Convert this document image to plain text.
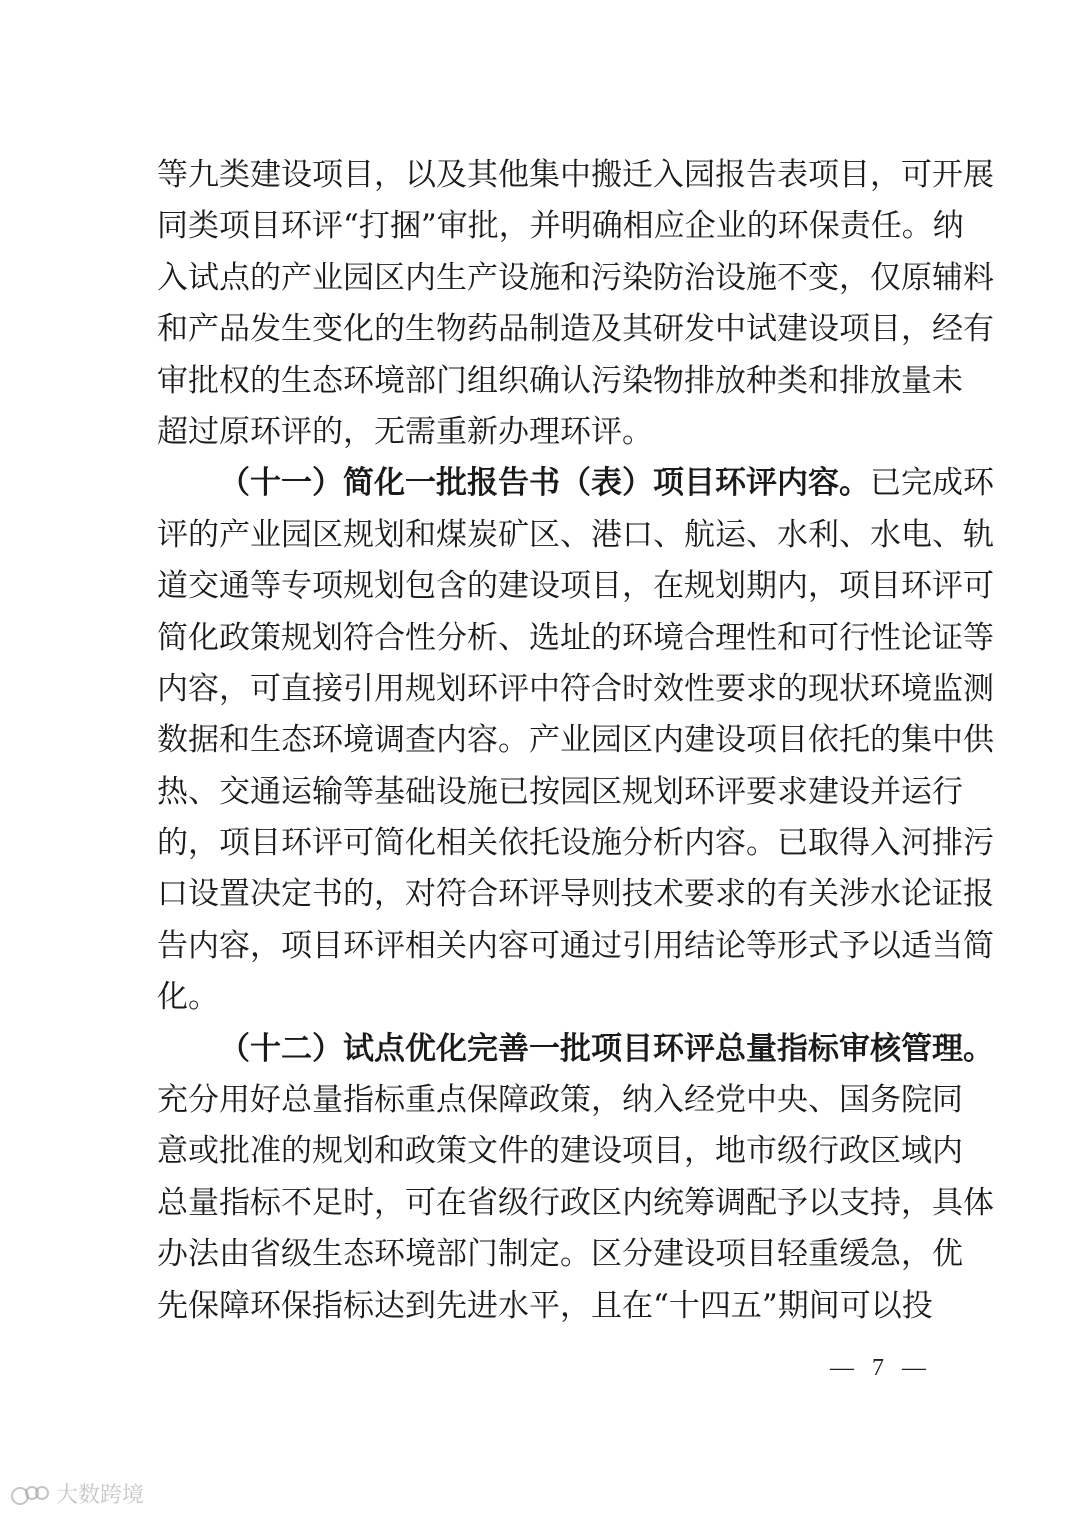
等九类建设项目，以及其他集中搬迁入园报告表项目，可开展
同类项目环评“打捆”审批，并明确相应企业的环保责任。纳
入试点的产业园区内生产设施和污染防治设施不变，仅原辅料
和产品发生变化的生物药品制造及其研发中试建设项目，经有
审批权的生态环境部门组织确认污染物排放种类和排放量未
超过原环评的，无需重新办理环评。
（十一）简化一批报告书（表）项目环评内容。已完成环
评的产业园区规划和煤炭矿区、港口、航运、水利、水电、轨
道交通等专项规划包含的建设项目，在规划期内，项目环评可
简化政策规划符合性分析、选址的环境合理性和可行性论证等
内容，可直接引用规划环评中符合时效性要求的现状环境监测
数据和生态环境调查内容。产业园区内建设项目依托的集中供
热、交通运输等基础设施已按园区规划环评要求建设并运行
的，项目环评可简化相关依托设施分析内容。已取得入河排污
口设置决定书的，对符合环评导则技术要求的有关涉水论证报
告内容，项目环评相关内容可通过引用结论等形式予以适当简
化。
（十二）试点优化完善一批项目环评总量指标审核管理。
充分用好总量指标重点保障政策，纳入经党中央、国务院同
意或批准的规划和政策文件的建设项目，地市级行政区域内
总量指标不足时，可在省级行政区内统筹调配予以支持，具体
办法由省级生态环境部门制定。区分建设项目轻重缓急，优
先保障环保指标达到先进水平，且在“十四五”期间可以投
— 7 —
大数跨境
